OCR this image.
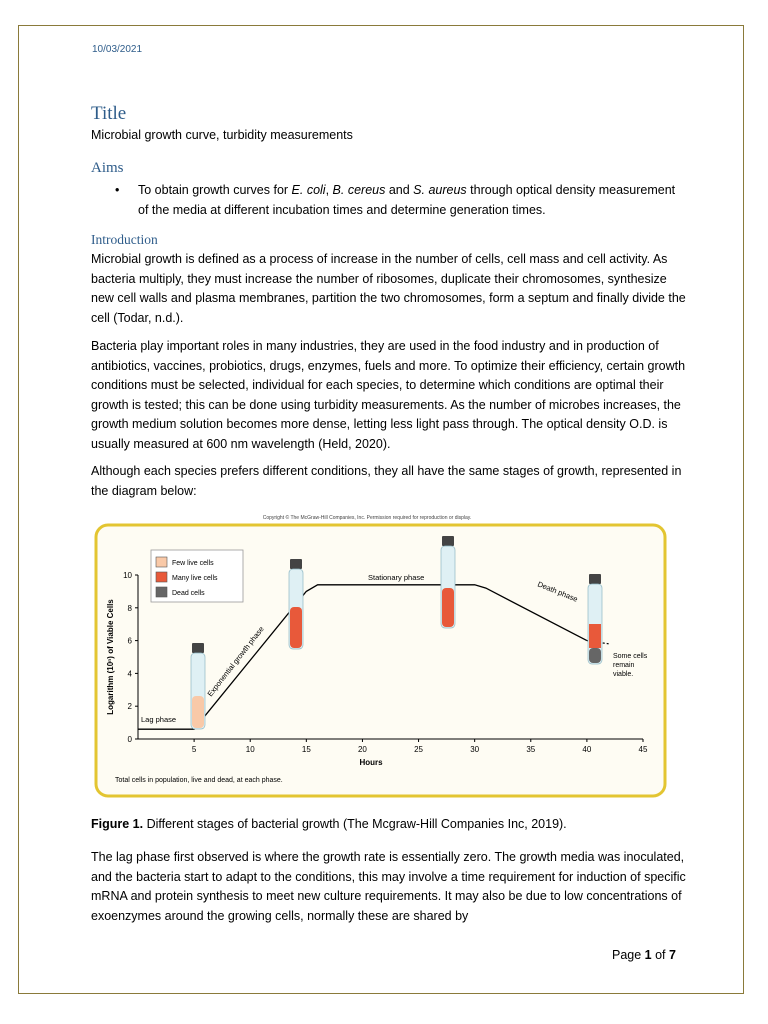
10/03/2021
Title
Microbial growth curve, turbidity measurements
Aims
• To obtain growth curves for E. coli, B. cereus and S. aureus through optical density measurement of the media at different incubation times and determine generation times.
Introduction
Microbial growth is defined as a process of increase in the number of cells, cell mass and cell activity. As bacteria multiply, they must increase the number of ribosomes, duplicate their chromosomes, synthesize new cell walls and plasma membranes, partition the two chromosomes, form a septum and finally divide the cell (Todar, n.d.).
Bacteria play important roles in many industries, they are used in the food industry and in production of antibiotics, vaccines, probiotics, drugs, enzymes, fuels and more. To optimize their efficiency, certain growth conditions must be selected, individual for each species, to determine which conditions are optimal their growth is tested; this can be done using turbidity measurements. As the number of microbes increases, the growth medium solution becomes more dense, letting less light pass through. The optical density O.D. is usually measured at 600 nm wavelength (Held, 2020).
Although each species prefers different conditions, they all have the same stages of growth, represented in the diagram below:
Copyright © The McGraw-Hill Companies, Inc. Permission required for reproduction or display.
Few live cells
Many live cells
Dead cells
0
2
4
6
8
10
5	10	15	20	25	30	35	40	45
Logarithm (10ⁿ) of Viable Cells
Hours
Lag phase
Exponential growth phase
Stationary phase
Death phase
Some cells remain viable.
Total cells in population, live and dead, at each phase.
Figure 1. Different stages of bacterial growth (The Mcgraw-Hill Companies Inc, 2019).
The lag phase first observed is where the growth rate is essentially zero. The growth media was inoculated, and the bacteria start to adapt to the conditions, this may involve a time requirement for induction of specific mRNA and protein synthesis to meet new culture requirements. It may also be due to low concentrations of exoenzymes around the growing cells, normally these are shared by
Page 1 of 7
